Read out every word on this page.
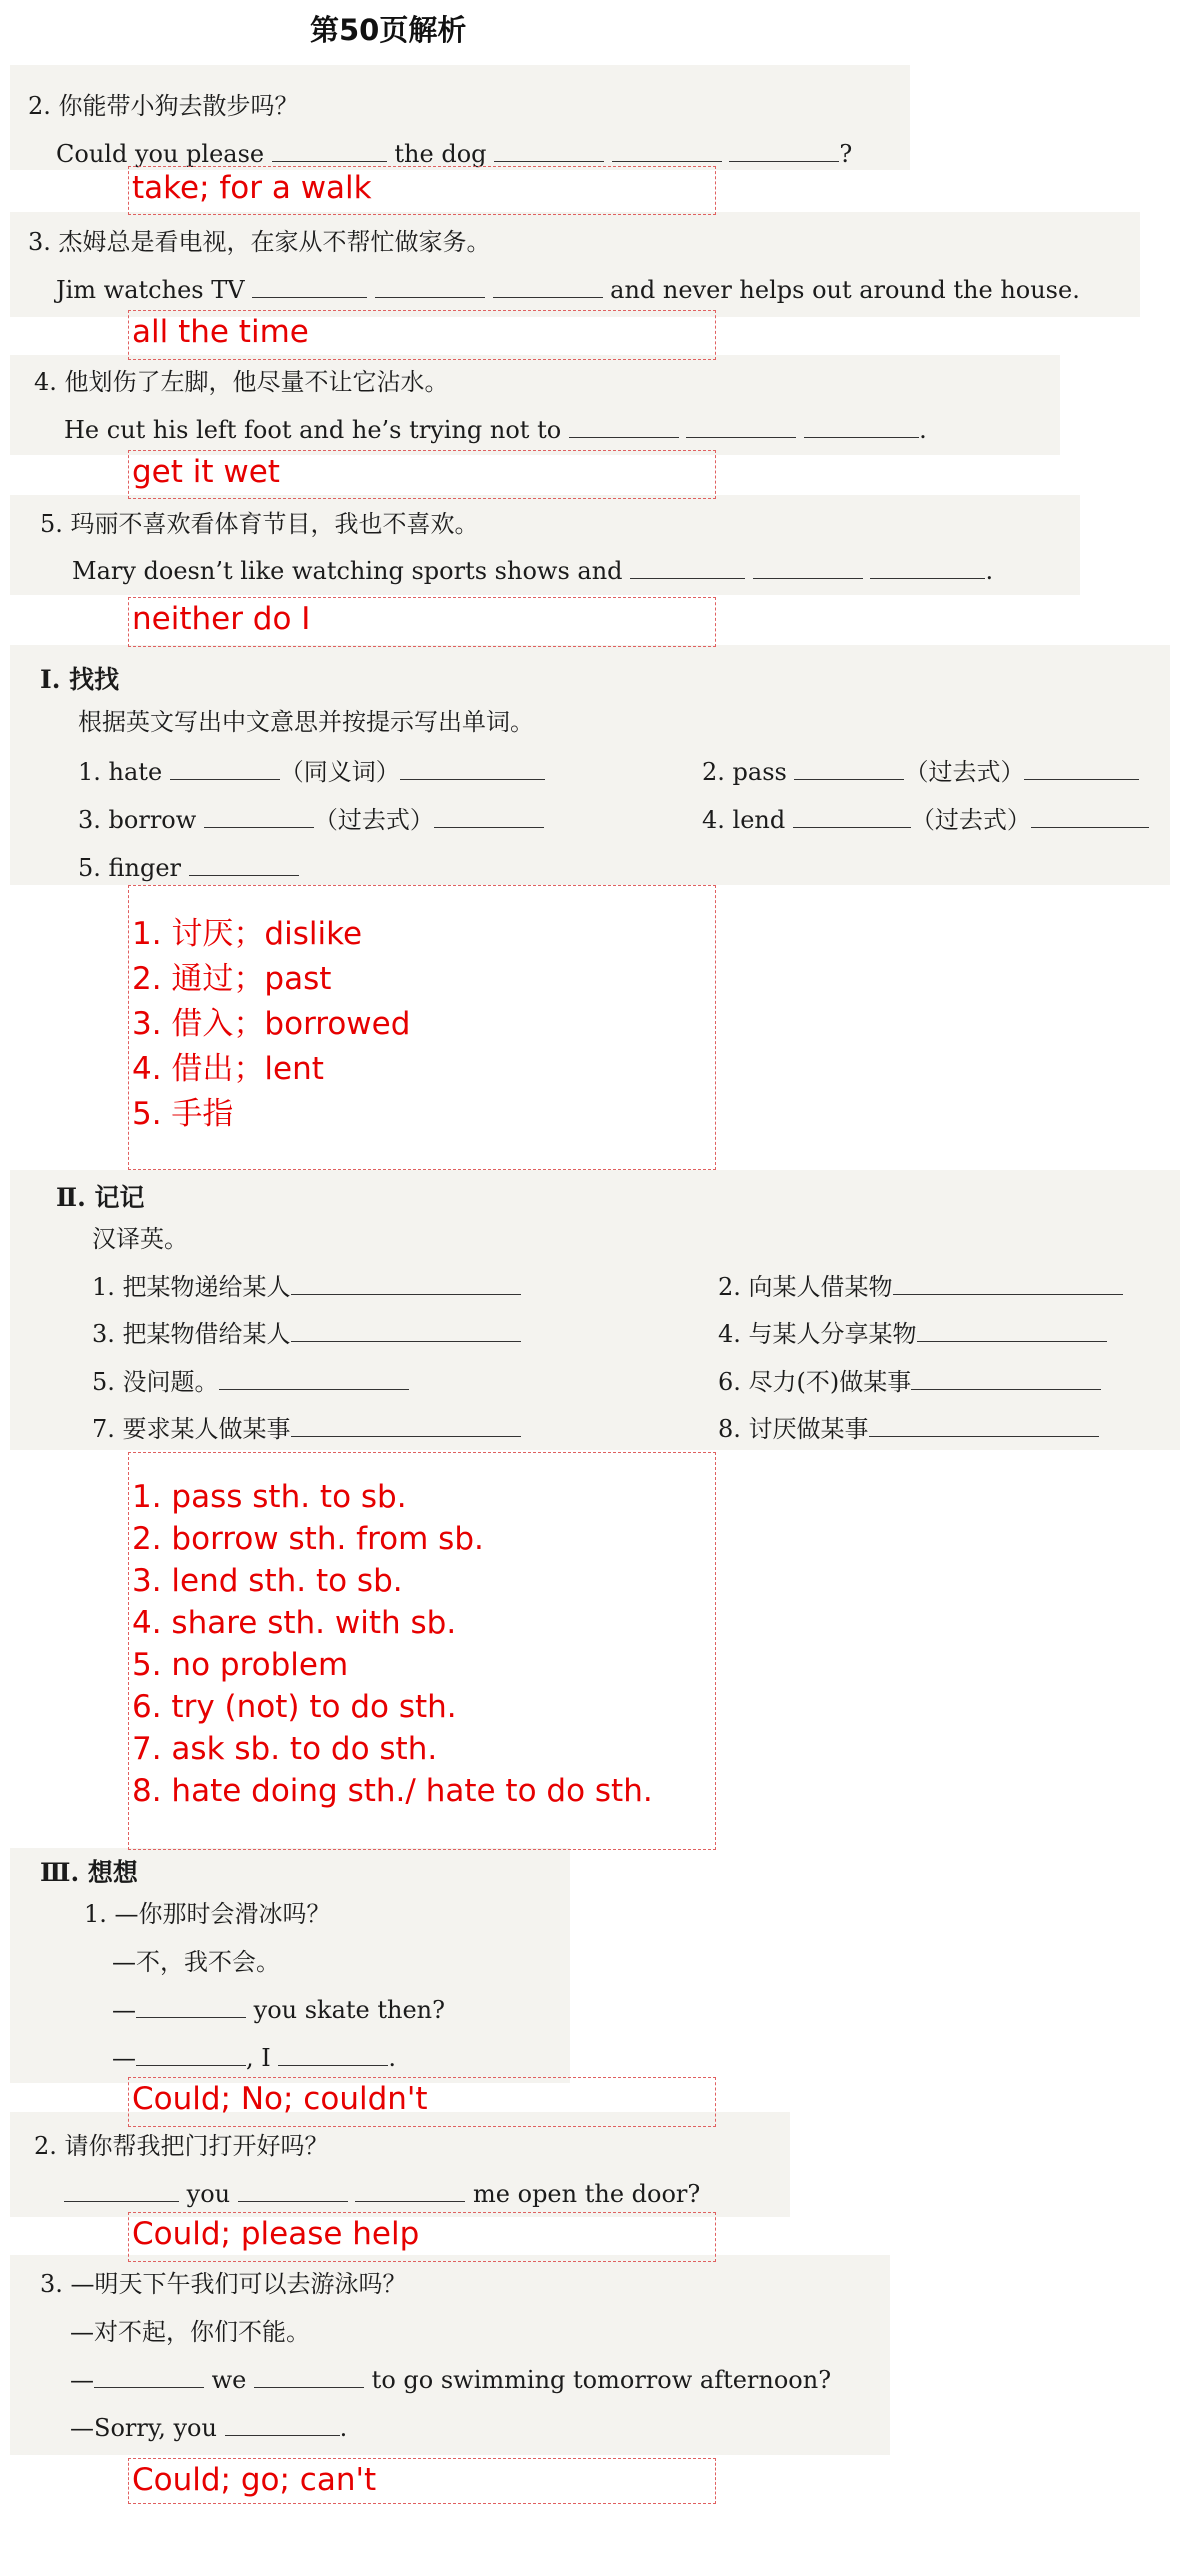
第50页解析
2. 你能带小狗去散步吗？
Could you please	the dog	?
take; for a walk
3. 杰姆总是看电视，在家从不帮忙做家务。
Jim watches TV	and never helps out around the house.
all the time
4. 他划伤了左脚，他尽量不让它沾水。
He cut his left foot and he’s trying not to	.
get it wet
5. 玛丽不喜欢看体育节目，我也不喜欢。
Mary doesn’t like watching sports shows and	.
neither do I
Ⅰ. 找找
根据英文写出中文意思并按提示写出单词。
1. hate	（同义词）	2. pass	（过去式）
3. borrow	（过去式）	4. lend	（过去式）
5. finger
1. 讨厌；dislike
2. 通过；past
3. 借入；borrowed
4. 借出；lent
5. 手指
Ⅱ. 记记
汉译英。
1. 把某物递给某人	2. 向某人借某物
3. 把某物借给某人	4. 与某人分享某物
5. 没问题。	6. 尽力(不)做某事
7. 要求某人做某事	8. 讨厌做某事
1. pass sth. to sb.
2. borrow sth. from sb.
3. lend sth. to sb.
4. share sth. with sb.
5. no problem
6. try (not) to do sth.
7. ask sb. to do sth.
8. hate doing sth./ hate to do sth.
Ⅲ. 想想
1. —你那时会滑冰吗？
—不，我不会。
—	you skate then?
—	, I	.
Could; No; couldn't
2. 请你帮我把门打开好吗？
you	me open the door?
Could; please help
3. —明天下午我们可以去游泳吗？
—对不起，你们不能。
—	we	to go swimming tomorrow afternoon?
—Sorry, you	.
Could; go; can't
